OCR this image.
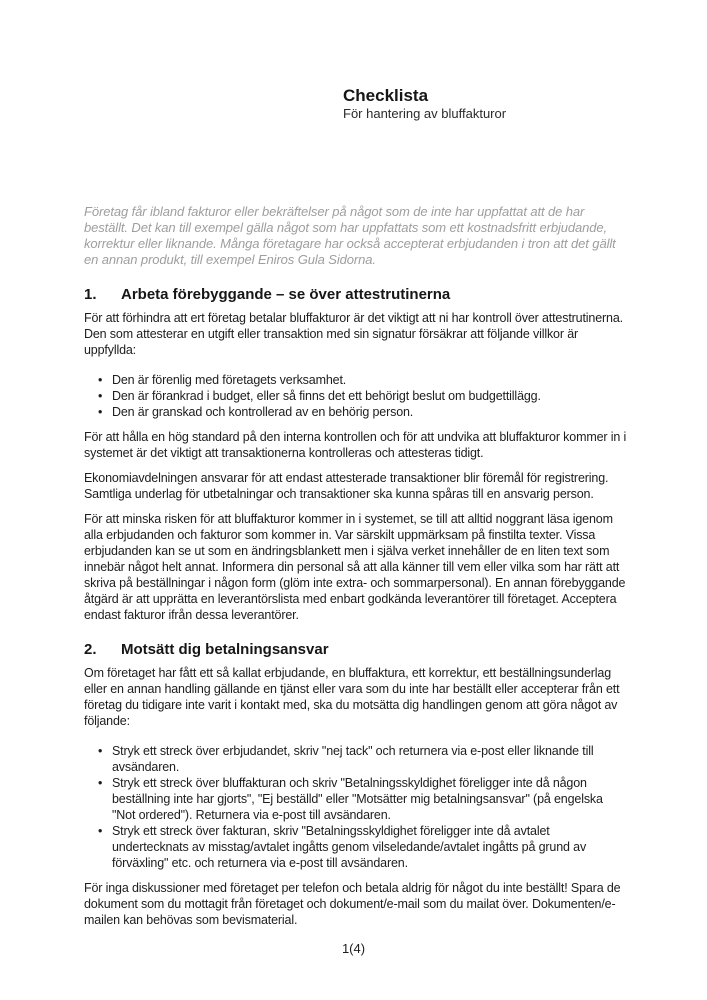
Checklista
För hantering av bluffakturor

Företag får ibland fakturor eller bekräftelser på något som de inte har uppfattat att de har beställt. Det kan till exempel gälla något som har uppfattats som ett kostnadsfritt erbjudande, korrektur eller liknande. Många företagare har också accepterat erbjudanden i tron att det gällt en annan produkt, till exempel Eniros Gula Sidorna.

1.	Arbeta förebyggande – se över attestrutinerna

För att förhindra att ert företag betalar bluffakturor är det viktigt att ni har kontroll över attestrutinerna. Den som attesterar en utgift eller transaktion med sin signatur försäkrar att följande villkor är uppfyllda:

• Den är förenlig med företagets verksamhet.
• Den är förankrad i budget, eller så finns det ett behörigt beslut om budgettillägg.
• Den är granskad och kontrollerad av en behörig person.

För att hålla en hög standard på den interna kontrollen och för att undvika att bluffakturor kommer in i systemet är det viktigt att transaktionerna kontrolleras och attesteras tidigt.

Ekonomiavdelningen ansvarar för att endast attesterade transaktioner blir föremål för registrering. Samtliga underlag för utbetalningar och transaktioner ska kunna spåras till en ansvarig person.

För att minska risken för att bluffakturor kommer in i systemet, se till att alltid noggrant läsa igenom alla erbjudanden och fakturor som kommer in. Var särskilt uppmärksam på finstilta texter. Vissa erbjudanden kan se ut som en ändringsblankett men i själva verket innehåller de en liten text som innebär något helt annat. Informera din personal så att alla känner till vem eller vilka som har rätt att skriva på beställningar i någon form (glöm inte extra- och sommarpersonal). En annan förebyggande åtgärd är att upprätta en leverantörslista med enbart godkända leverantörer till företaget. Acceptera endast fakturor ifrån dessa leverantörer.

2.	Motsätt dig betalningsansvar

Om företaget har fått ett så kallat erbjudande, en bluffaktura, ett korrektur, ett beställningsunderlag eller en annan handling gällande en tjänst eller vara som du inte har beställt eller accepterar från ett företag du tidigare inte varit i kontakt med, ska du motsätta dig handlingen genom att göra något av följande:

• Stryk ett streck över erbjudandet, skriv "nej tack" och returnera via e-post eller liknande till avsändaren.
• Stryk ett streck över bluffakturan och skriv "Betalningsskyldighet föreligger inte då någon beställning inte har gjorts", "Ej beställd" eller "Motsätter mig betalningsansvar" (på engelska "Not ordered"). Returnera via e-post till avsändaren.
• Stryk ett streck över fakturan, skriv "Betalningsskyldighet föreligger inte då avtalet undertecknats av misstag/avtalet ingåtts genom vilseledande/avtalet ingåtts på grund av förväxling" etc. och returnera via e-post till avsändaren.

För inga diskussioner med företaget per telefon och betala aldrig för något du inte beställt! Spara de dokument som du mottagit från företaget och dokument/e-mail som du mailat över. Dokumenten/e-mailen kan behövas som bevismaterial.

1(4)
